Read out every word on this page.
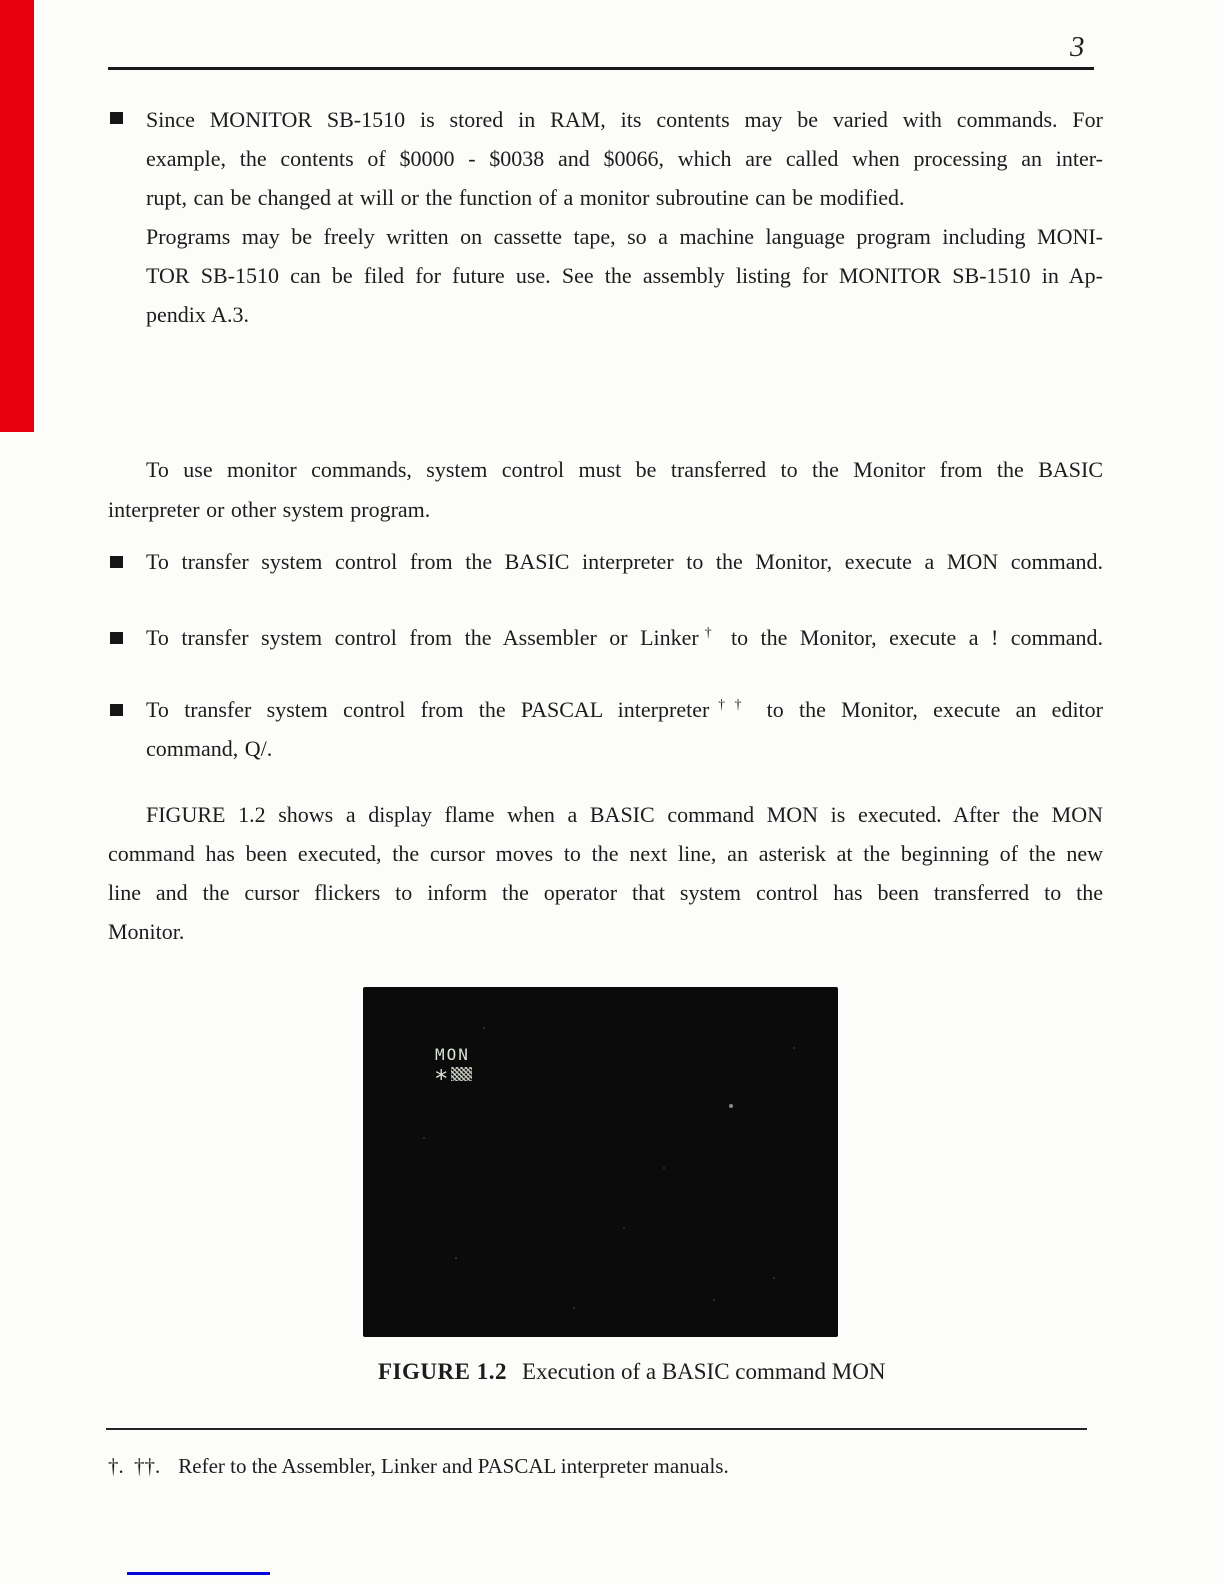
3
Since MONITOR SB-1510 is stored in RAM, its contents may be varied with commands. For
example, the contents of $0000 - $0038 and $0066, which are called when processing an inter-
rupt, can be changed at will or the function of a monitor subroutine can be modified.
Programs may be freely written on cassette tape, so a machine language program including MONI-
TOR SB-1510 can be filed for future use. See the assembly listing for MONITOR SB-1510 in Ap-
pendix A.3.
To use monitor commands, system control must be transferred to the Monitor from the BASIC
interpreter or other system program.
To transfer system control from the BASIC interpreter to the Monitor, execute a MON command.
To transfer system control from the Assembler or Linker† to the Monitor, execute a ! command.
To transfer system control from the PASCAL interpreter†† to the Monitor, execute an editor
command, Q/.
FIGURE 1.2 shows a display flame when a BASIC command MON is executed. After the MON
command has been executed, the cursor moves to the next line, an asterisk at the beginning of the new
line and the cursor flickers to inform the operator that system control has been transferred to the
Monitor.
MON
*
FIGURE 1.2 Execution of a BASIC command MON
†. ††. Refer to the Assembler, Linker and PASCAL interpreter manuals.
